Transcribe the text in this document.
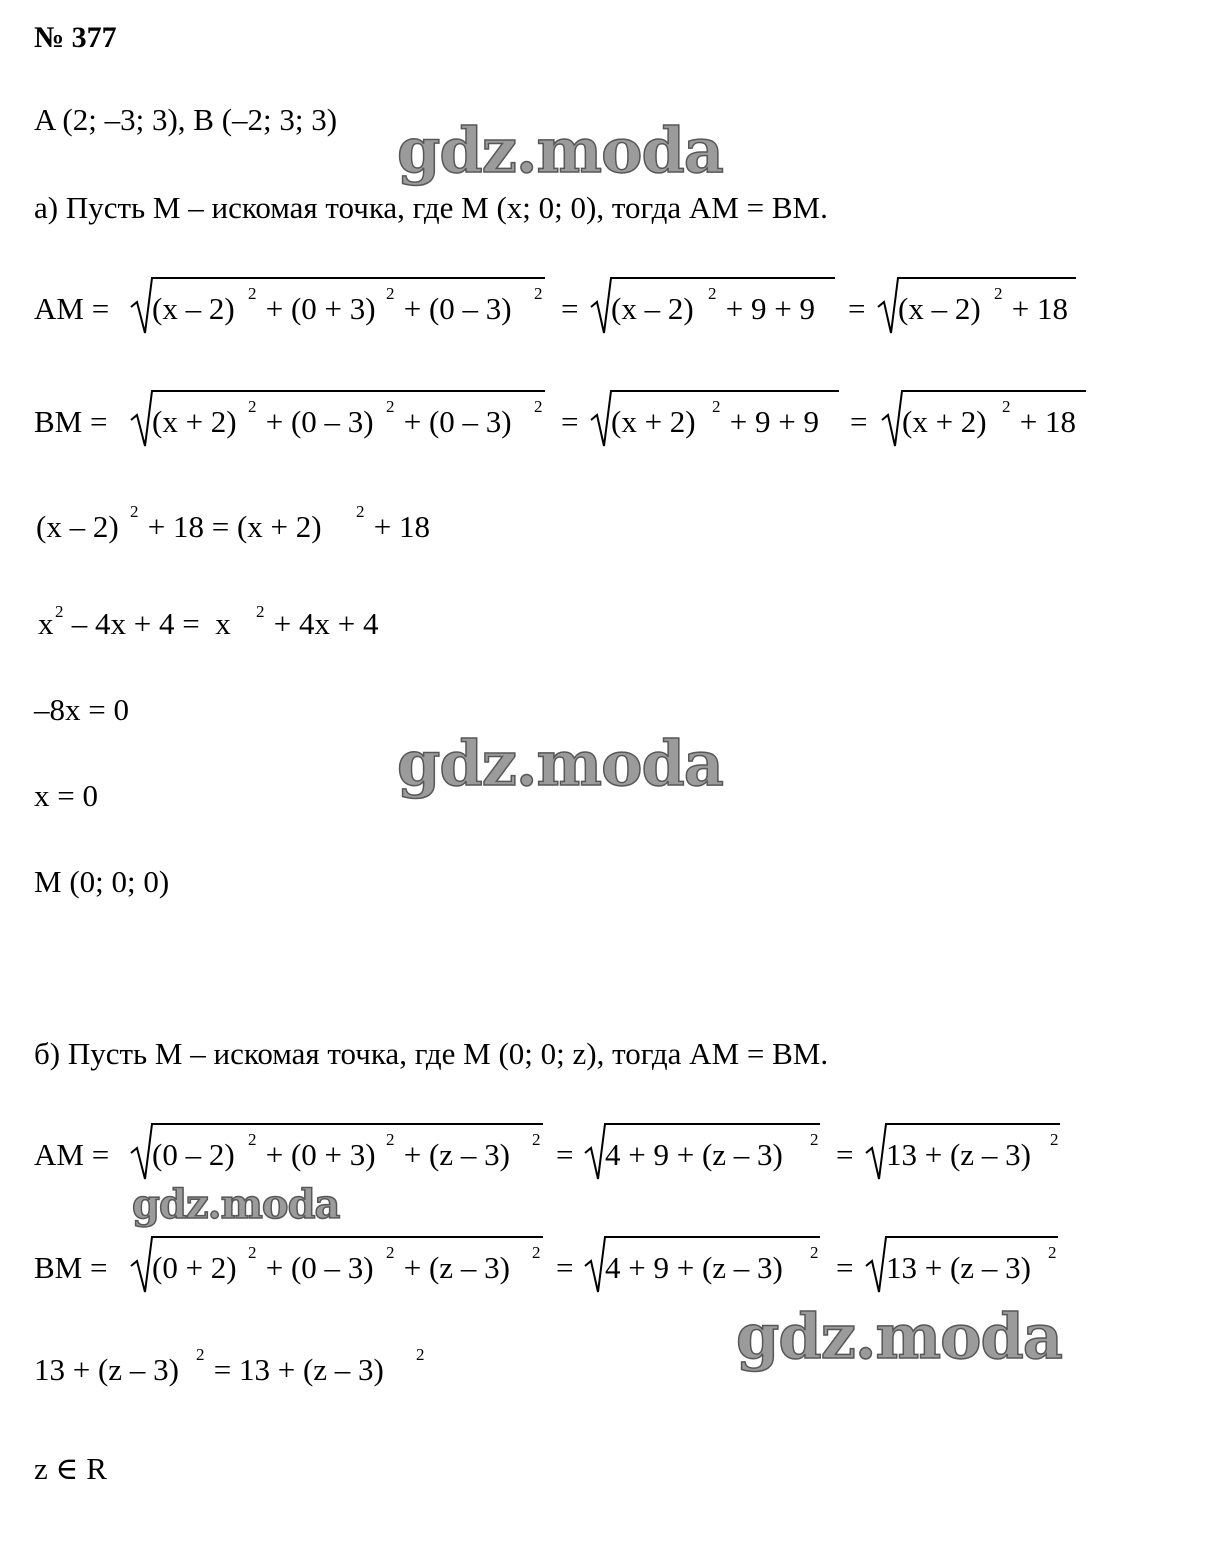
№ 377
A (2; –3; 3), B (–2; 3; 3)
а) Пусть M – искомая точка, где M (x; 0; 0), тогда AM = BM.
AM = (x – 2) 2 + (0 + 3) 2 + (0 – 3) 2 = (x – 2) 2 + 9 + 9 = (x – 2) 2 + 18
BM = (x + 2) 2 + (0 – 3) 2 + (0 – 3) 2 = (x + 2) 2 + 9 + 9 = (x + 2) 2 + 18
(x – 2) 2 + 18 = (x + 2) 2 + 18
x 2 – 4x + 4 =  x 2 + 4x + 4
AM = (0 – 2) 2 + (0 + 3) 2 + (z – 3) 2 = 4 + 9 + (z – 3) 2 = 13 + (z – 3) 2
BM = (0 + 2) 2 + (0 – 3) 2 + (z – 3) 2 = 4 + 9 + (z – 3) 2 = 13 + (z – 3) 2
13 + (z – 3) 2 = 13 + (z – 3) 2
–8x = 0
x = 0
M (0; 0; 0)
б) Пусть M – искомая точка, где M (0; 0; z), тогда AM = BM.
z ∈ R
gdz.moda
gdz.moda
gdz.moda
gdz.moda
